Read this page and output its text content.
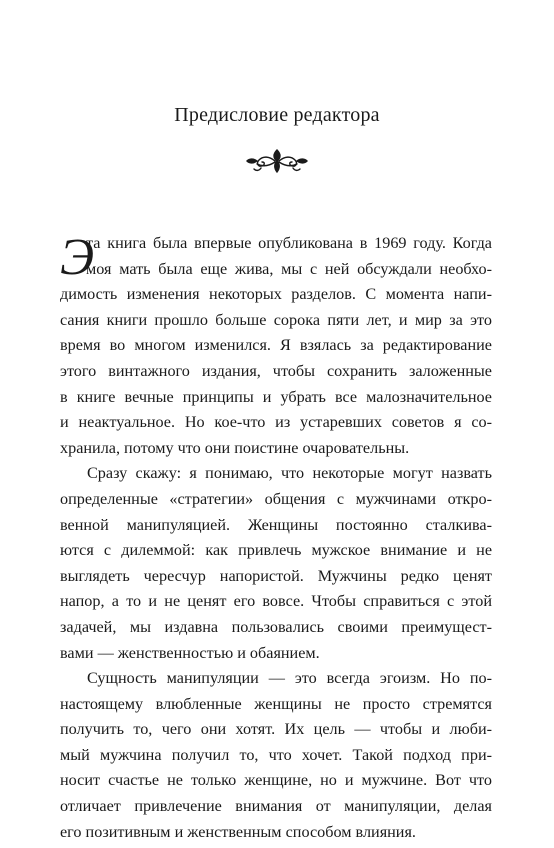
Предисловие редактора
Э
та книга была впервые опубликована в 1969 году. Когда
моя мать была еще жива, мы с ней обсуждали необхо-
димость изменения некоторых разделов. С момента напи-
сания книги прошло больше сорока пяти лет, и мир за это
время во многом изменился. Я взялась за редактирование
этого винтажного издания, чтобы сохранить заложенные
в книге вечные принципы и убрать все малозначительное
и неактуальное. Но кое-что из устаревших советов я со-
хранила, потому что они поистине очаровательны.
Сразу скажу: я понимаю, что некоторые могут назвать
определенные «стратегии» общения с мужчинами откро-
венной манипуляцией. Женщины постоянно сталкива-
ются с дилеммой: как привлечь мужское внимание и не
выглядеть чересчур напористой. Мужчины редко ценят
напор, а то и не ценят его вовсе. Чтобы справиться с этой
задачей, мы издавна пользовались своими преимущест-
вами — женственностью и обаянием.
Сущность манипуляции — это всегда эгоизм. Но по-
настоящему влюбленные женщины не просто стремятся
получить то, чего они хотят. Их цель — чтобы и люби-
мый мужчина получил то, что хочет. Такой подход при-
носит счастье не только женщине, но и мужчине. Вот что
отличает привлечение внимания от манипуляции, делая
его позитивным и женственным способом влияния.
